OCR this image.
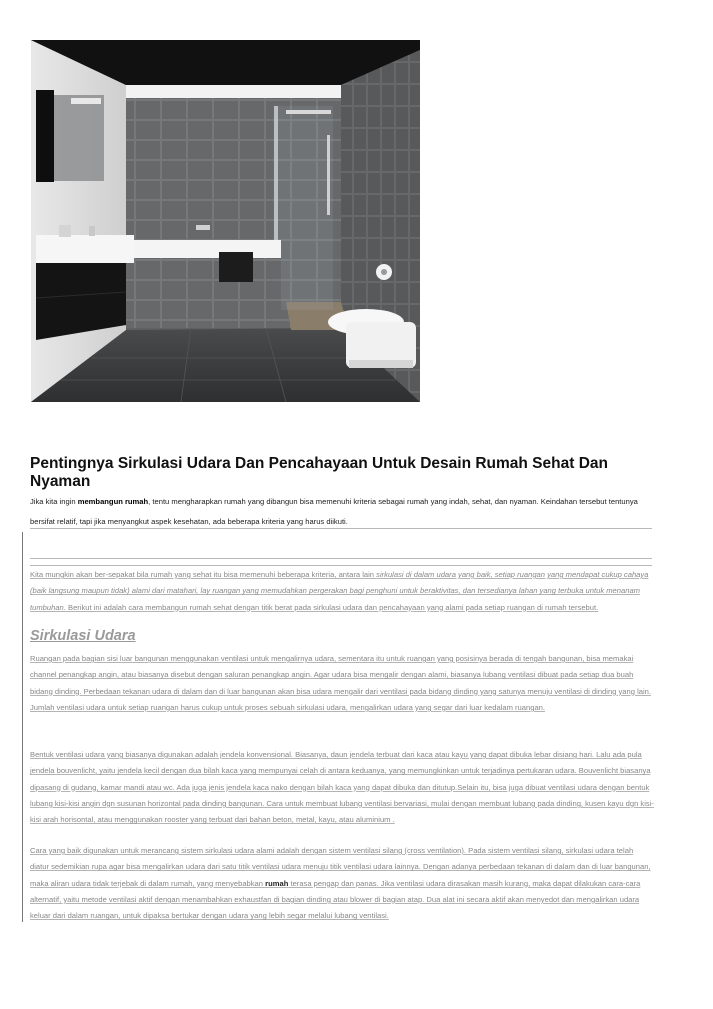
Pentingnya Sirkulasi Udara Dan Pencahayaan Untuk Desain Rumah Sehat Dan Nyaman

Jika kita ingin membangun rumah, tentu mengharapkan rumah yang dibangun bisa memenuhi kriteria sebagai rumah yang indah, sehat, dan nyaman. Keindahan tersebut tentunya bersifat relatif, tapi jika menyangkut aspek kesehatan, ada beberapa kriteria yang harus diikuti.

Kita mungkin akan ber-sepakat bila rumah yang sehat itu bisa memenuhi beberapa kriteria, antara lain sirkulasi di dalam udara yang baik, setiap ruangan yang mendapat cukup cahaya (baik langsung maupun tidak) alami dari matahari, lay ruangan yang memudahkan pergerakan bagi penghuni untuk beraktivitas, dan tersedianya lahan yang terbuka untuk menanam tumbuhan. Berikut ini adalah cara membangun rumah sehat dengan titik berat pada sirkulasi udara dan pencahayaan yang alami pada setiap ruangan di rumah tersebut.

Sirkulasi Udara

Ruangan pada bagian sisi luar bangunan menggunakan ventilasi untuk mengalirnya udara, sementara itu untuk ruangan yang posisinya berada di tengah bangunan, bisa memakai channel penangkap angin, atau biasanya disebut dengan saluran penangkap angin. Agar udara bisa mengalir dengan alami, biasanya lubang ventilasi dibuat pada setiap dua buah bidang dinding. Perbedaan tekanan udara di dalam dan di luar bangunan akan bisa udara mengalir dari ventilasi pada bidang dinding yang satunya menuju ventilasi di dinding yang lain. Jumlah ventilasi udara untuk setiap ruangan harus cukup untuk proses sebuah sirkulasi udara, mengalirkan udara yang segar dari luar kedalam ruangan.

Bentuk ventilasi udara yang biasanya digunakan adalah jendela konvensional. Biasanya, daun jendela terbuat dari kaca atau kayu yang dapat dibuka lebar disiang hari. Lalu ada pula jendela bouvenlicht, yaitu jendela kecil dengan dua bilah kaca yang mempunyai celah di antara keduanya, yang memungkinkan untuk terjadinya pertukaran udara. Bouvenlicht biasanya dipasang di gudang, kamar mandi atau wc. Ada juga jenis jendela kaca nako dengan bilah kaca yang dapat dibuka dan ditutup.Selain itu, bisa juga dibuat ventilasi udara dengan bentuk lubang kisi-kisi angin dgn susunan horizontal pada dinding bangunan. Cara untuk membuat lubang ventilasi bervariasi, mulai dengan membuat lubang pada dinding, kusen kayu dgn kisi-kisi arah horisontal, atau menggunakan rooster yang terbuat dari bahan beton, metal, kayu, atau aluminium .

Cara yang baik digunakan untuk merancang sistem sirkulasi udara alami adalah dengan sistem ventilasi silang (cross ventilation). Pada sistem ventilasi silang, sirkulasi udara telah diatur sedemikian rupa agar bisa mengalirkan udara dari satu titik ventilasi udara menuju titik ventilasi udara lainnya. Dengan adanya perbedaan tekanan di dalam dan di luar bangunan, maka aliran udara tidak terjebak di dalam rumah, yang menyebabkan rumah terasa pengap dan panas. Jika ventilasi udara dirasakan masih kurang, maka dapat dilakukan cara-cara alternatif, yaitu metode ventilasi aktif dengan menambahkan exhaustfan di bagian dinding atau blower di bagian atap. Dua alat ini secara aktif akan menyedot dan mengalirkan udara keluar dari dalam ruangan, untuk dipaksa bertukar dengan udara yang lebih segar melalui lubang ventilasi.
